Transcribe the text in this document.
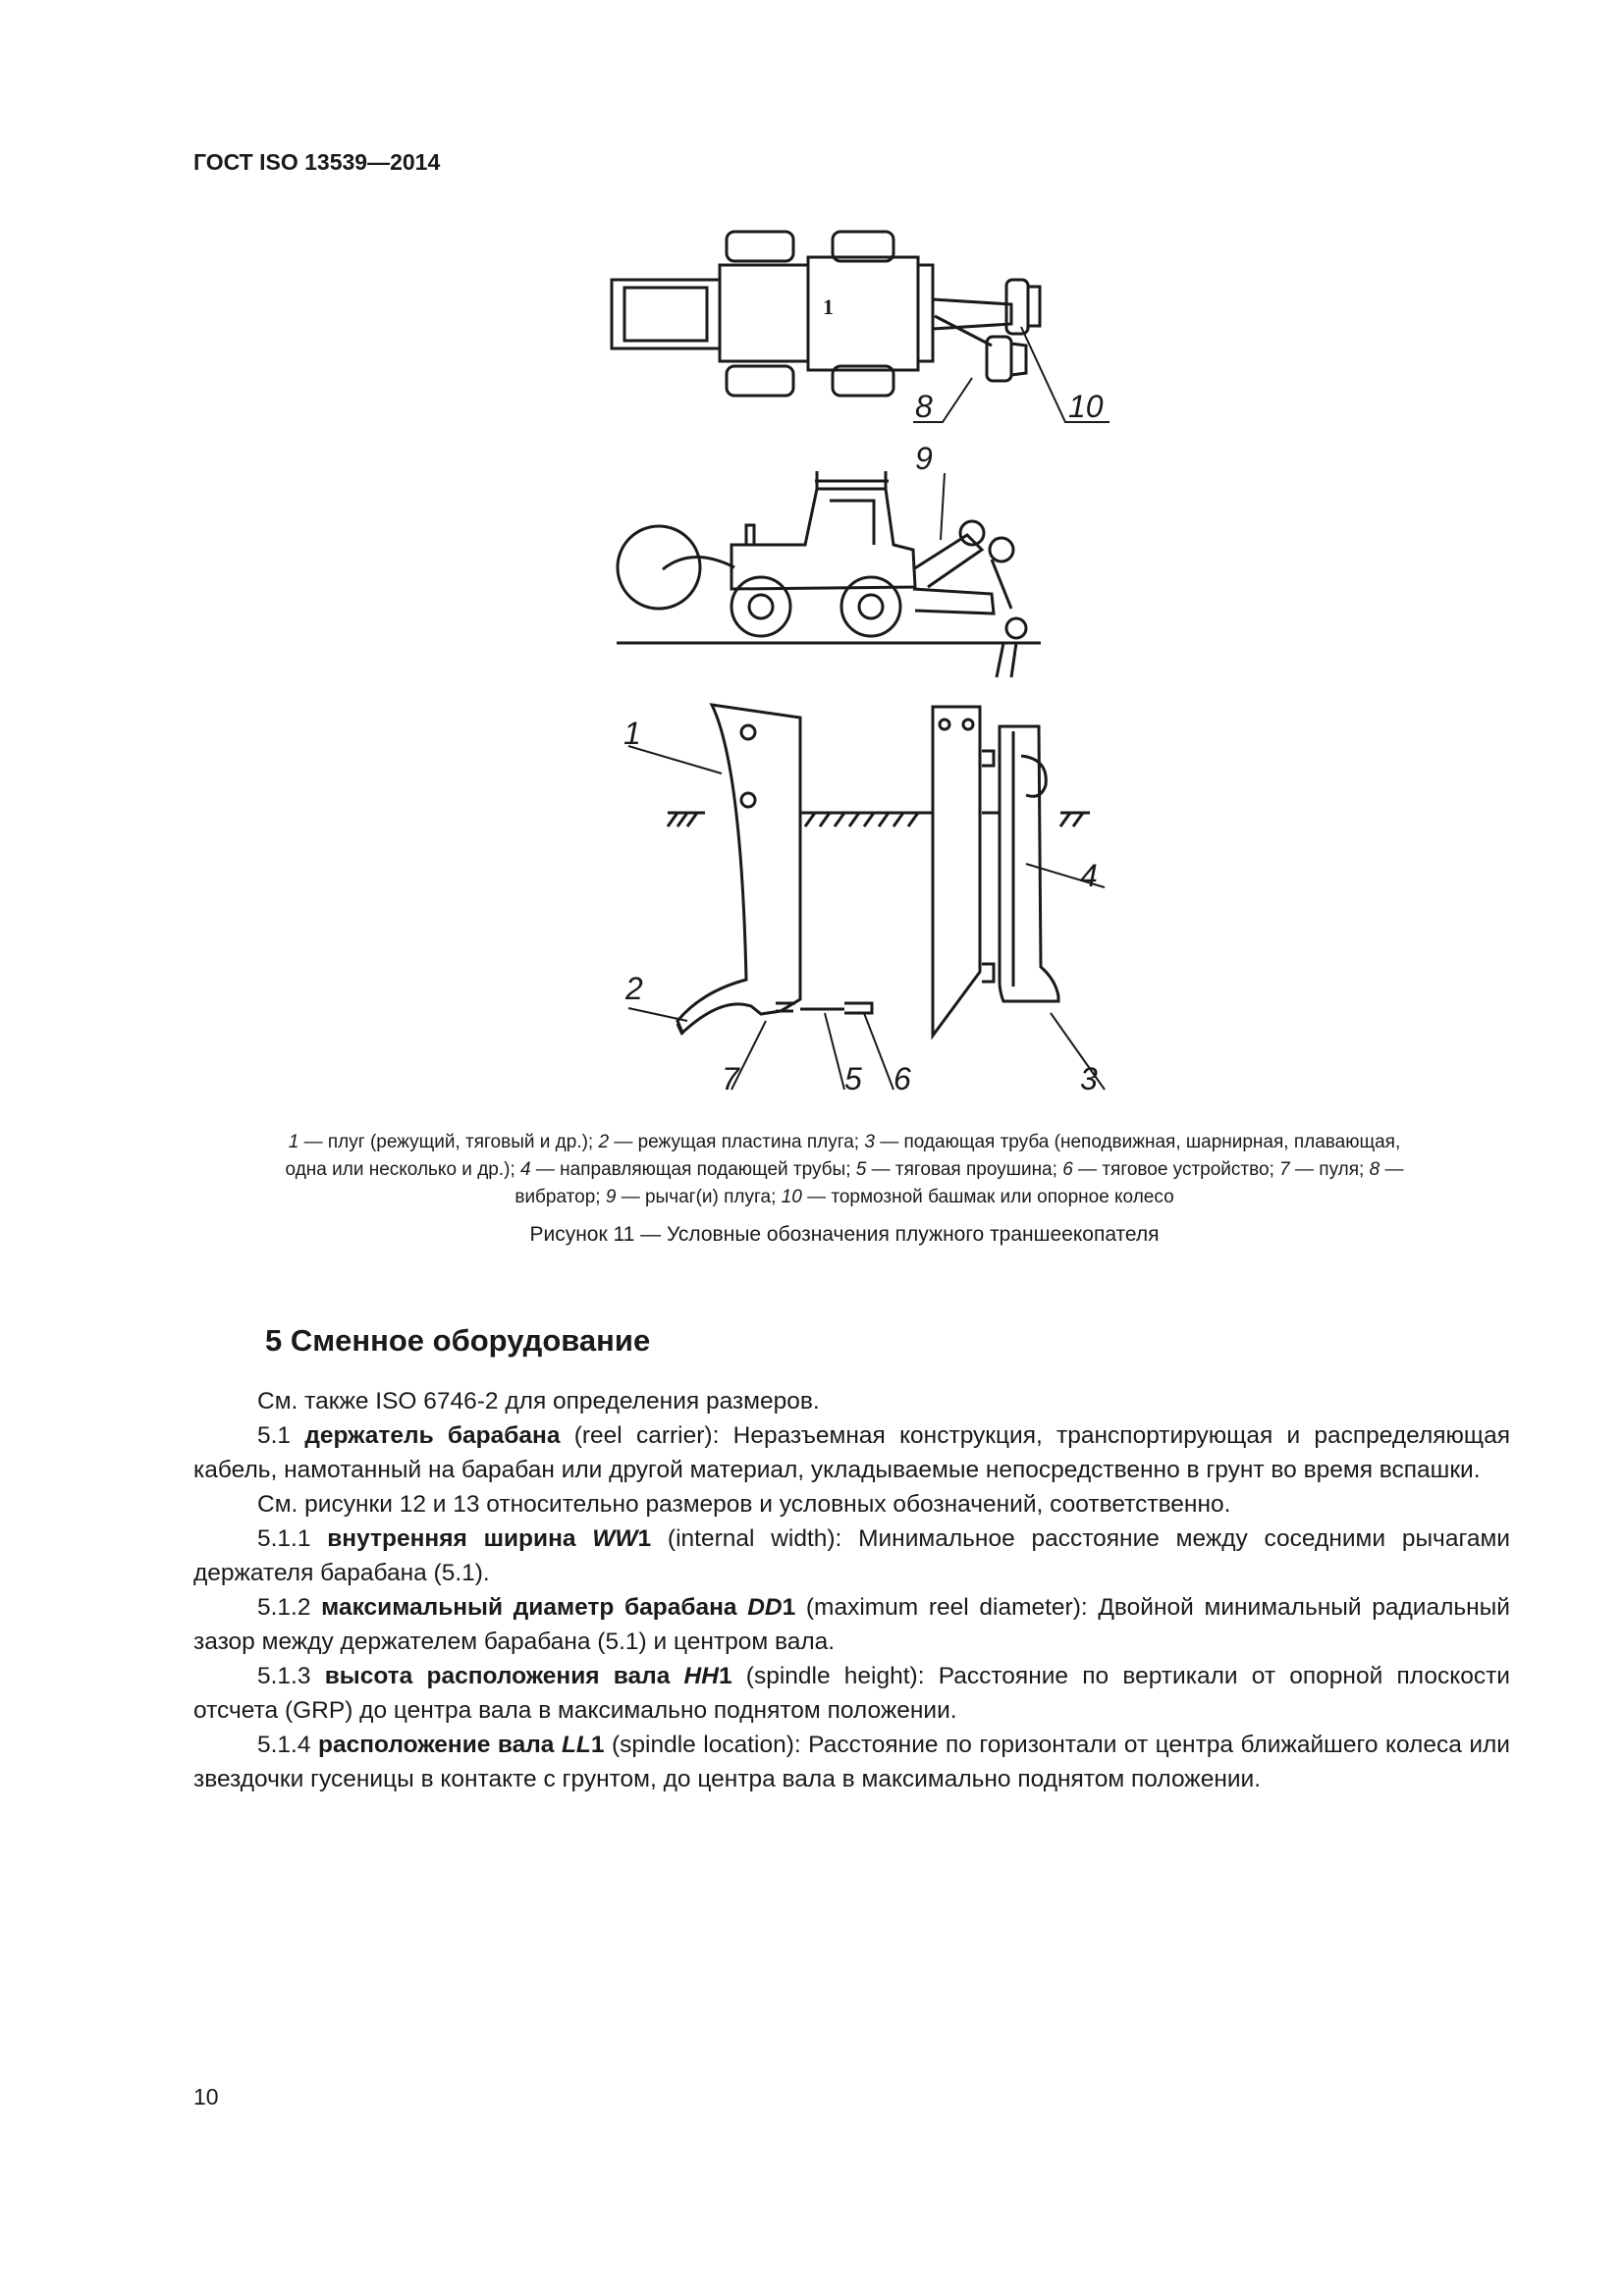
ГОСТ ISO 13539—2014
1
8	10
9
1
4
2
7	5 6	3
1 — плуг (режущий, тяговый и др.); 2 — режущая пластина плуга; 3 — подающая труба (неподвижная, шарнирная, плавающая, одна или несколько и др.); 4 — направляющая подающей трубы; 5 — тяговая проушина; 6 — тяговое устройство; 7 — пуля; 8 — вибратор; 9 — рычаг(и) плуга; 10 — тормозной башмак или опорное колесо
Рисунок 11 — Условные обозначения плужного траншеекопателя
5 Сменное оборудование

См. также ISO 6746-2 для определения размеров.

5.1 держатель барабана (reel carrier): Неразъемная конструкция, транспортирующая и распределяющая кабель, намотанный на барабан или другой материал, укладываемые непосредственно в грунт во время вспашки.

См. рисунки 12 и 13 относительно размеров и условных обозначений, соответственно.

5.1.1 внутренняя ширина WW1 (internal width): Минимальное расстояние между соседними рычагами держателя барабана (5.1).

5.1.2 максимальный диаметр барабана DD1 (maximum reel diameter): Двойной минимальный радиальный зазор между держателем барабана (5.1) и центром вала.

5.1.3 высота расположения вала HH1 (spindle height): Расстояние по вертикали от опорной плоскости отсчета (GRP) до центра вала в максимально поднятом положении.

5.1.4 расположение вала LL1 (spindle location): Расстояние по горизонтали от центра ближайшего колеса или звездочки гусеницы в контакте с грунтом, до центра вала в максимально поднятом положении.

10
